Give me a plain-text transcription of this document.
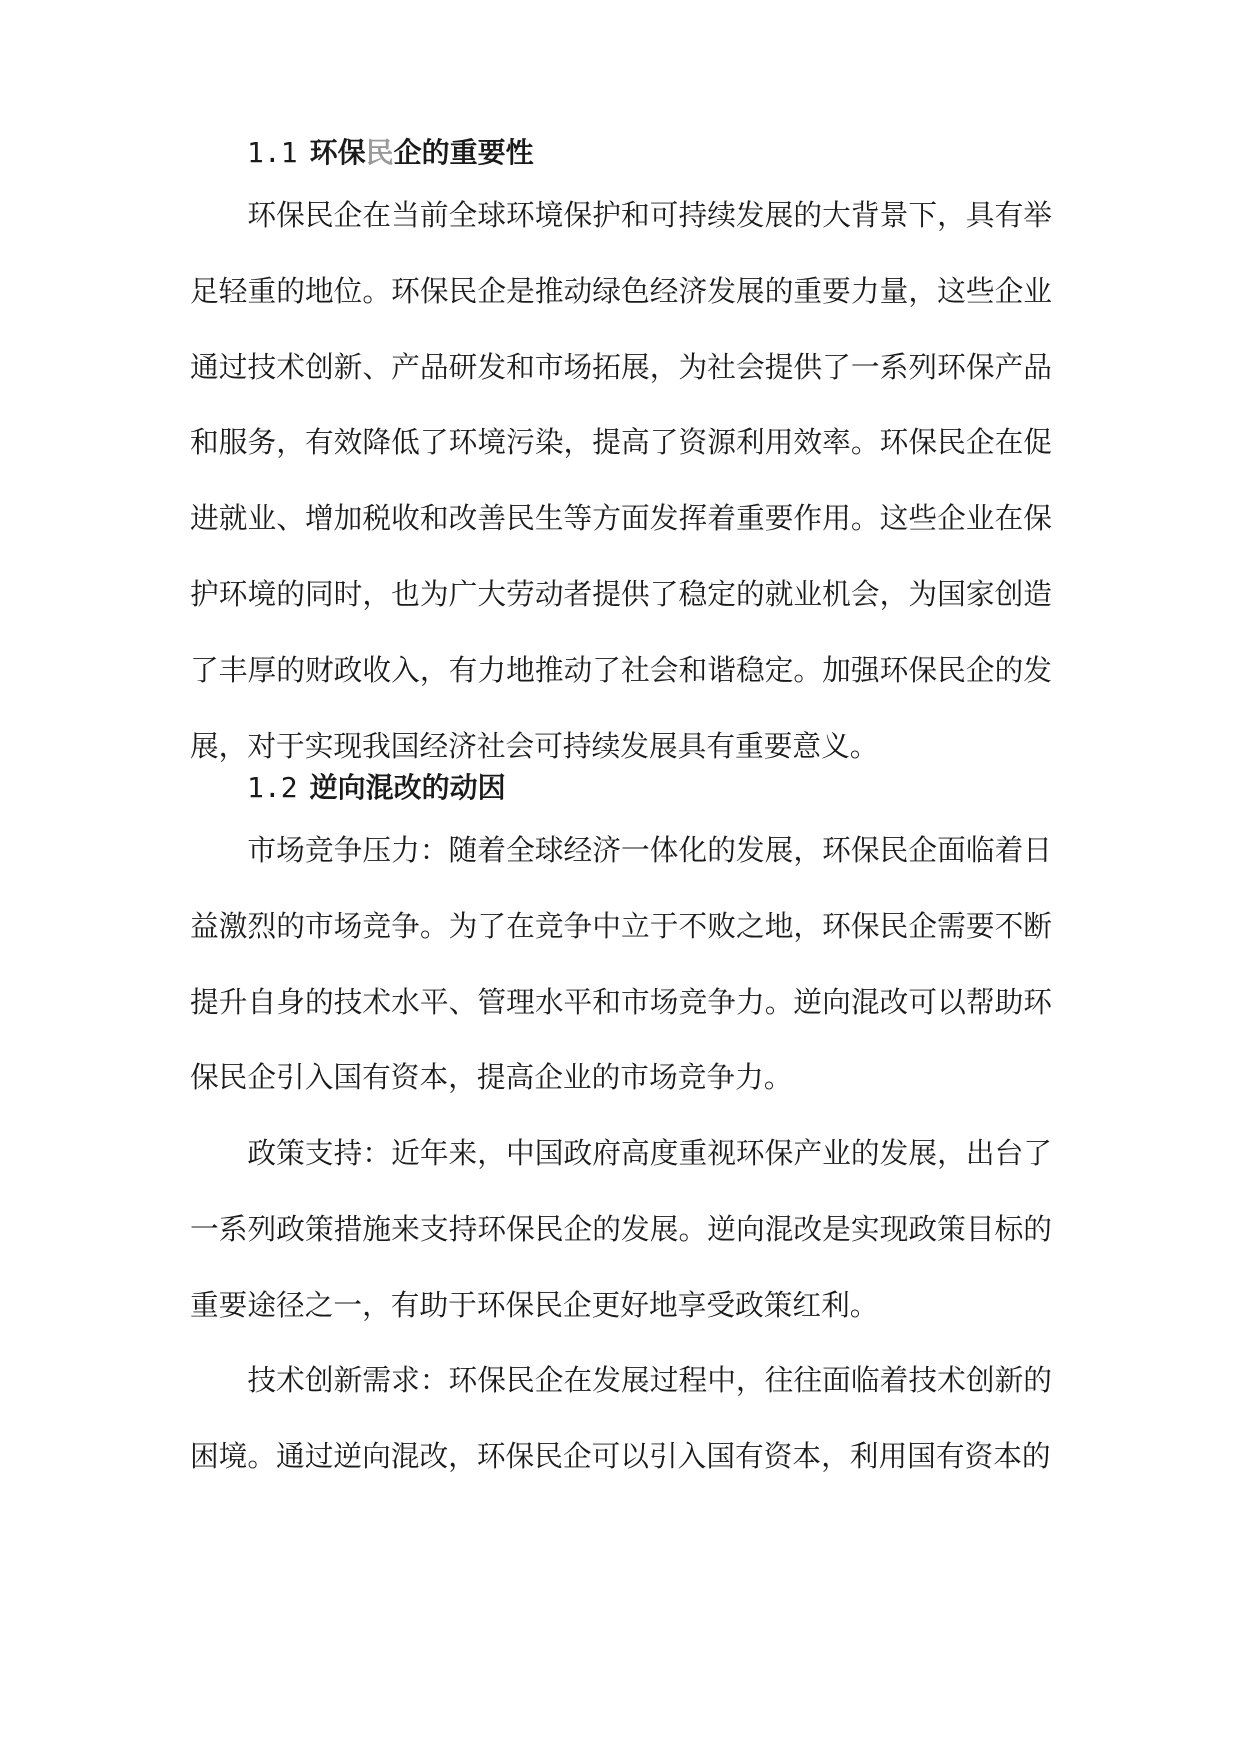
1.1 环保民企的重要性

环保民企在当前全球环境保护和可持续发展的大背景下，具有举足轻重的地位。环保民企是推动绿色经济发展的重要力量，这些企业通过技术创新、产品研发和市场拓展，为社会提供了一系列环保产品和服务，有效降低了环境污染，提高了资源利用效率。环保民企在促进就业、增加税收和改善民生等方面发挥着重要作用。这些企业在保护环境的同时，也为广大劳动者提供了稳定的就业机会，为国家创造了丰厚的财政收入，有力地推动了社会和谐稳定。加强环保民企的发展，对于实现我国经济社会可持续发展具有重要意义。

1.2 逆向混改的动因

市场竞争压力：随着全球经济一体化的发展，环保民企面临着日益激烈的市场竞争。为了在竞争中立于不败之地，环保民企需要不断提升自身的技术水平、管理水平和市场竞争力。逆向混改可以帮助环保民企引入国有资本，提高企业的市场竞争力。

政策支持：近年来，中国政府高度重视环保产业的发展，出台了一系列政策措施来支持环保民企的发展。逆向混改是实现政策目标的重要途径之一，有助于环保民企更好地享受政策红利。

技术创新需求：环保民企在发展过程中，往往面临着技术创新的困境。通过逆向混改，环保民企可以引入国有资本，利用国有资本的
